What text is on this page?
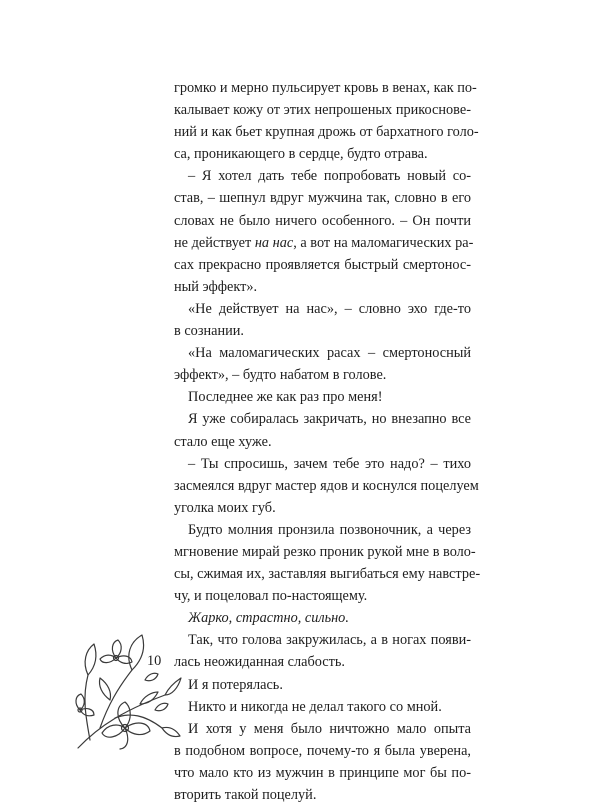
громко и мерно пульсирует кровь в венах, как по-
калывает кожу от этих непрошеных прикосновe-
ний и как бьет крупная дрожь от бархатного голо-
са, проникающего в сердце, будто отрава.
– Я хотел дать тебе попробовать новый со-
став, – шепнул вдруг мужчина так, словно в его
словах не было ничего особенного. – Он почти
не действует на нас, а вот на маломагических ра-
сах прекрасно проявляется быстрый смертонос-
ный эффект».
«Не действует на нас», – словно эхо где-то
в сознании.
«На маломагических расах – смертоносный
эффект», – будто набатом в голове.
Последнее же как раз про меня!
Я уже собиралась закричать, но внезапно все
стало еще хуже.
– Ты спросишь, зачем тебе это надо? – тихо
засмеялся вдруг мастер ядов и коснулся поцелуем
уголка моих губ.
Будто молния пронзила позвоночник, а через
мгновение мирай резко проник рукой мне в воло-
сы, сжимая их, заставляя выгибаться ему навстре-
чу, и поцеловал по-настоящему.
Жарко, страстно, сильно.
Так, что голова закружилась, а в ногах появи-
лась неожиданная слабость.
И я потерялась.
Никто и никогда не делал такого со мной.
И хотя у меня было ничтожно мало опыта
в подобном вопросе, почему-то я была уверена,
что мало кто из мужчин в принципе мог бы по-
вторить такой поцелуй.
10
